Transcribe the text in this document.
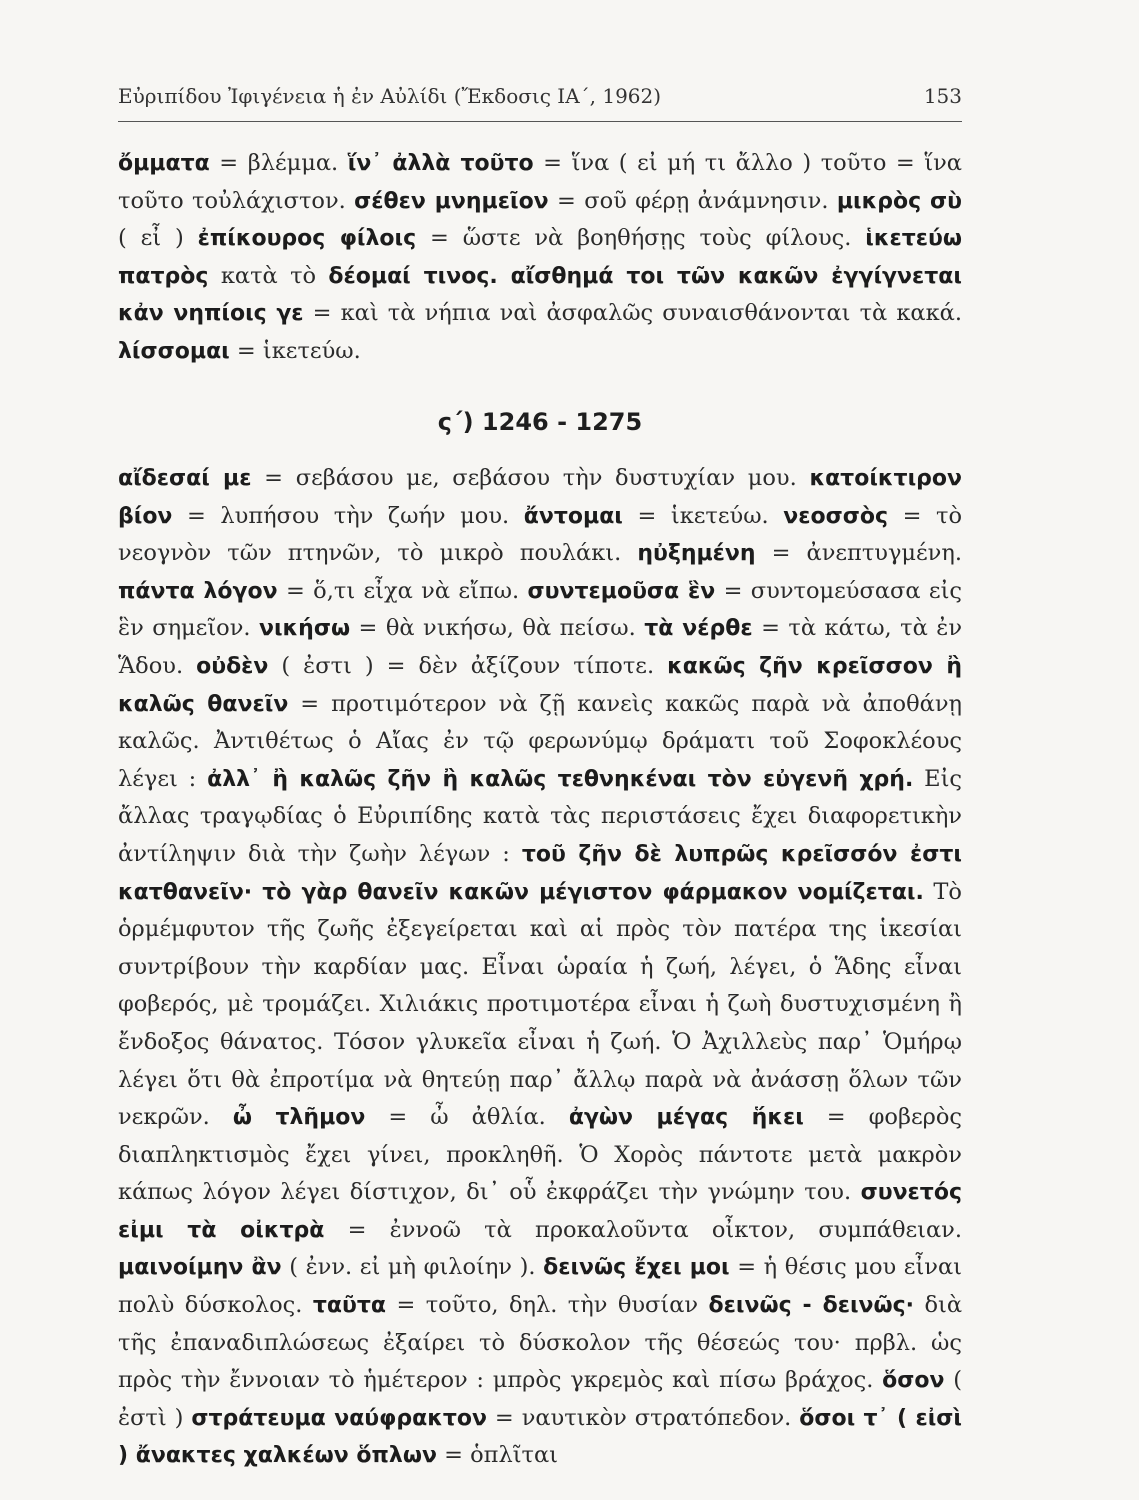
Εὐριπίδου Ἰφιγένεια ἡ ἐν Αὐλίδι (Ἔκδοσις ΙΑ΄, 1962)	153
ὄμματα = βλέμμα. ἵν᾽ ἀλλὰ τοῦτο = ἵνα ( εἰ μή τι ἄλλο ) τοῦτο = ἵνα τοῦτο τοὐλάχιστον. σέθεν μνημεῖον = σοῦ φέρῃ ἀνάμνησιν. μικρὸς σὺ ( εἶ ) ἐπίκουρος φίλοις = ὥστε νὰ βοηθήσῃς τοὺς φίλους. ἱκετεύω πατρὸς κατὰ τὸ δέομαί τινος. αἴσθημά τοι τῶν κακῶν ἐγγίγνεται κἀν νηπίοις γε = καὶ τὰ νήπια ναὶ ἀσφαλῶς συναισθάνονται τὰ κακά. λίσσομαι = ἱκετεύω.
ς΄) 1246 - 1275
αἴδεσαί με = σεβάσου με, σεβάσου τὴν δυστυχίαν μου. κατοίκτιρον βίον = λυπήσου τὴν ζωήν μου. ἄντομαι = ἱκετεύω. νεοσσὸς = τὸ νεογνὸν τῶν πτηνῶν, τὸ μικρὸ πουλάκι. ηὐξημένη = ἀνεπτυγμένη. πάντα λόγον = ὅ,τι εἶχα νὰ εἴπω. συντεμοῦσα ἓν = συντομεύσασα εἰς ἓν σημεῖον. νικήσω = θὰ νικήσω, θὰ πείσω. τὰ νέρθε = τὰ κάτω, τὰ ἐν Ἅδου. οὐδὲν ( ἐστι ) = δὲν ἀξίζουν τίποτε. κακῶς ζῆν κρεῖσσον ἢ καλῶς θανεῖν = προτιμότερον νὰ ζῇ κανεὶς κακῶς παρὰ νὰ ἀποθάνῃ καλῶς. Ἀντιθέτως ὁ Αἴας ἐν τῷ φερωνύμῳ δράματι τοῦ Σοφοκλέους λέγει : ἀλλ᾽ ἢ καλῶς ζῆν ἢ καλῶς τεθνηκέναι τὸν εὐγενῆ χρή. Εἰς ἄλλας τραγῳδίας ὁ Εὐριπίδης κατὰ τὰς περιστάσεις ἔχει διαφορετικὴν ἀντίληψιν διὰ τὴν ζωὴν λέγων : τοῦ ζῆν δὲ λυπρῶς κρεῖσσόν ἐστι κατθανεῖν· τὸ γὰρ θανεῖν κακῶν μέγιστον φάρμακον νομίζεται. Τὸ ὁρμέμφυτον τῆς ζωῆς ἐξεγείρεται καὶ αἱ πρὸς τὸν πατέρα της ἱκεσίαι συντρίβουν τὴν καρδίαν μας. Εἶναι ὡραία ἡ ζωή, λέγει, ὁ Ἅδης εἶναι φοβερός, μὲ τρομάζει. Χιλιάκις προτιμοτέρα εἶναι ἡ ζωὴ δυστυχισμένη ἢ ἔνδοξος θάνατος. Τόσον γλυκεῖα εἶναι ἡ ζωή. Ὁ Ἀχιλλεὺς παρ᾽ Ὁμήρῳ λέγει ὅτι θὰ ἐπροτίμα νὰ θητεύῃ παρ᾽ ἄλλῳ παρὰ νὰ ἀνάσσῃ ὅλων τῶν νεκρῶν. ὦ τλῆμον = ὦ ἀθλία. ἀγὼν μέγας ἥκει = φοβερὸς διαπληκτισμὸς ἔχει γίνει, προκληθῆ. Ὁ Χορὸς πάντοτε μετὰ μακρὸν κάπως λόγον λέγει δίστιχον, δι᾽ οὗ ἐκφράζει τὴν γνώμην του. συνετός εἰμι τὰ οἰκτρὰ = ἐννοῶ τὰ προκαλοῦντα οἶκτον, συμπάθειαν. μαινοίμην ἂν ( ἐνν. εἰ μὴ φιλοίην ). δεινῶς ἔχει μοι = ἡ θέσις μου εἶναι πολὺ δύσκολος. ταῦτα = τοῦτο, δηλ. τὴν θυσίαν δεινῶς - δεινῶς· διὰ τῆς ἐπαναδιπλώσεως ἐξαίρει τὸ δύσκολον τῆς θέσεώς του· πρβλ. ὡς πρὸς τὴν ἔννοιαν τὸ ἡμέτερον : μπρὸς γκρεμὸς καὶ πίσω βράχος. ὅσον ( ἐστὶ ) στράτευμα ναύφρακτον = ναυτικὸν στρατόπεδον. ὅσοι τ᾽ ( εἰσὶ ) ἄνακτες χαλκέων ὅπλων = ὁπλῖται
